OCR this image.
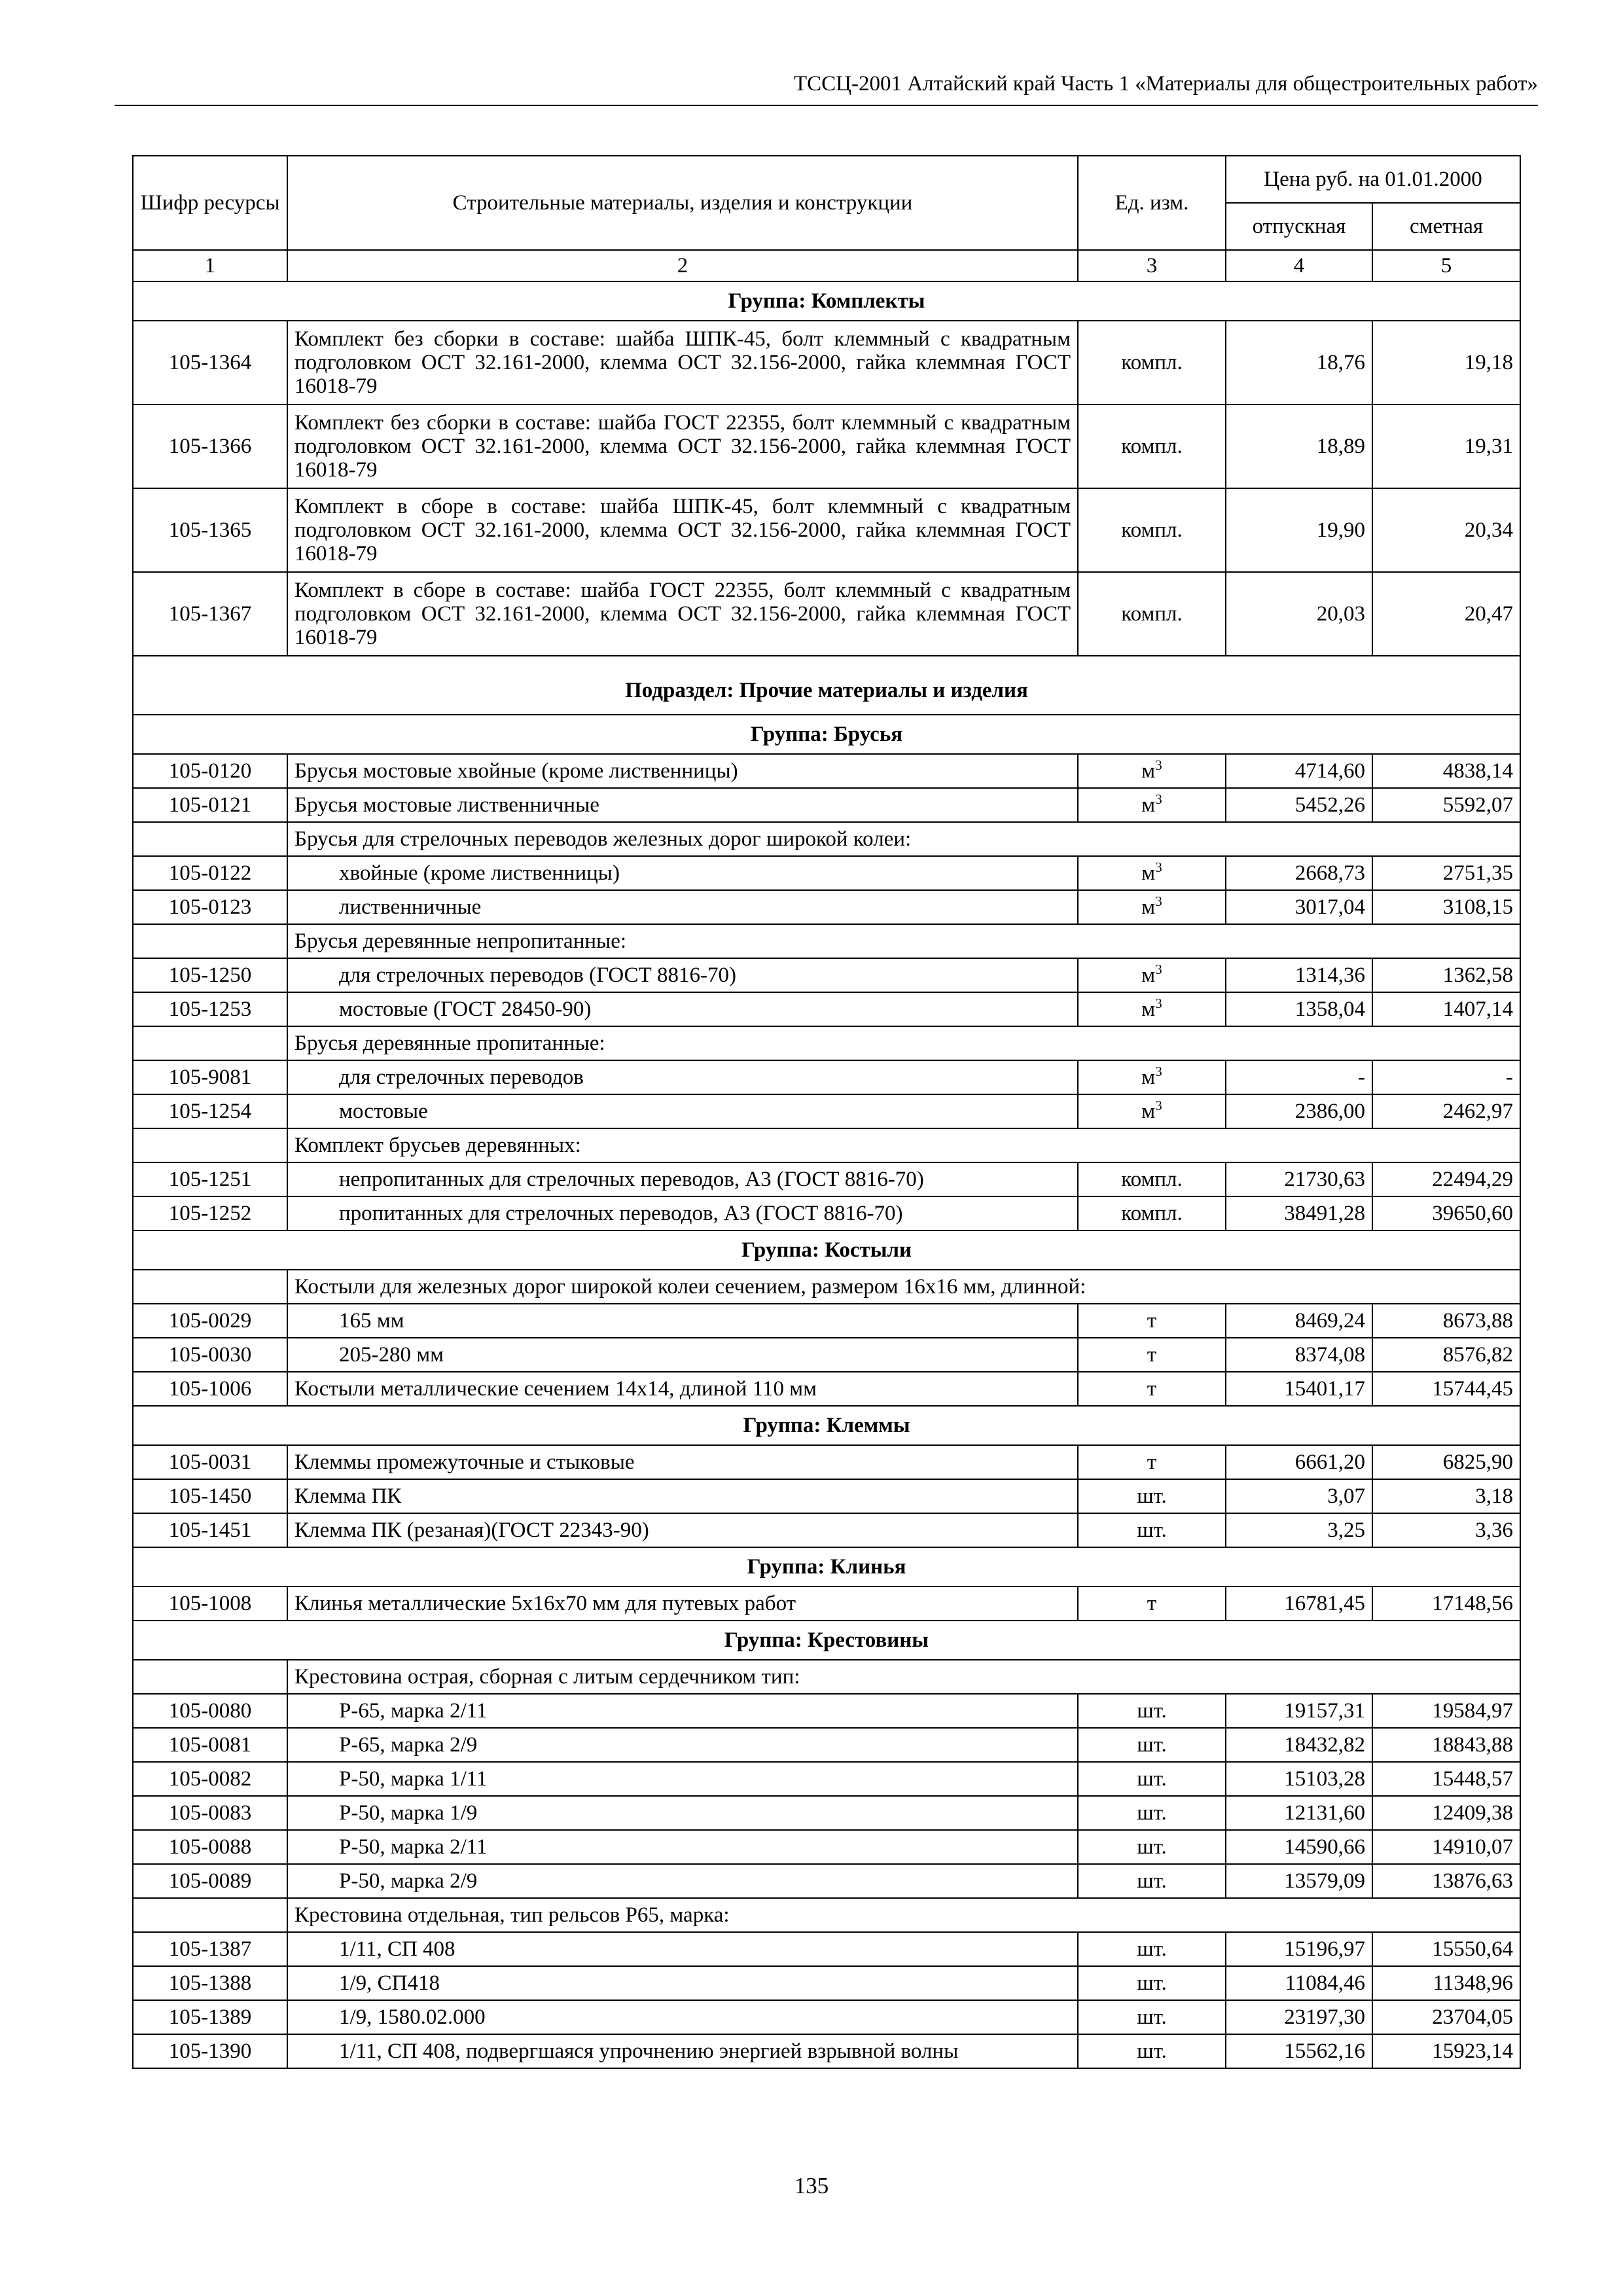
ТССЦ-2001 Алтайский край Часть 1 «Материалы для общестроительных работ»
Шифр ресурсы	Строительные материалы, изделия и конструкции	Ед. изм.	Цена руб. на 01.01.2000	
			отпускная	сметная
1	2	3	4	5
Группа: Комплекты				
105-1364	Комплект без сборки в составе: шайба ШПК-45, болт клеммный с квадратным подголовком ОСТ 32.161-2000, клемма ОСТ 32.156-2000, гайка клеммная ГОСТ 16018-79	компл.	18,76	19,18
105-1366	Комплект без сборки в составе: шайба ГОСТ 22355, болт клеммный с квадратным подголовком ОСТ 32.161-2000, клемма ОСТ 32.156-2000, гайка клеммная ГОСТ 16018-79	компл.	18,89	19,31
105-1365	Комплект в сборе в составе: шайба ШПК-45, болт клеммный с квадратным подголовком ОСТ 32.161-2000, клемма ОСТ 32.156-2000, гайка клеммная ГОСТ 16018-79	компл.	19,90	20,34
105-1367	Комплект в сборе в составе: шайба ГОСТ 22355, болт клеммный с квадратным подголовком ОСТ 32.161-2000, клемма ОСТ 32.156-2000, гайка клеммная ГОСТ 16018-79	компл.	20,03	20,47
Подраздел: Прочие материалы и изделия				
Группа: Брусья				
105-0120	Брусья мостовые хвойные (кроме лиственницы)	$м^3$	4714,60	4838,14
105-0121	Брусья мостовые лиственничные	$м^3$	5452,26	5592,07
	Брусья для стрелочных переводов железных дорог широкой колеи:			
105-0122	хвойные (кроме лиственницы)	$м^3$	2668,73	2751,35
105-0123	лиственничные	$м^3$	3017,04	3108,15
	Брусья деревянные непропитанные:			
105-1250	для стрелочных переводов (ГОСТ 8816-70)	$м^3$	1314,36	1362,58
105-1253	мостовые (ГОСТ 28450-90)	$м^3$	1358,04	1407,14
	Брусья деревянные пропитанные:			
105-9081	для стрелочных переводов	$м^3$	-	-
105-1254	мостовые	$м^3$	2386,00	2462,97
	Комплект брусьев деревянных:			
105-1251	непропитанных для стрелочных переводов, А3 (ГОСТ 8816-70)	компл.	21730,63	22494,29
105-1252	пропитанных для стрелочных переводов, А3 (ГОСТ 8816-70)	компл.	38491,28	39650,60
Группа: Костыли				
	Костыли для железных дорог широкой колеи сечением, размером 16х16 мм, длинной:			
105-0029	165 мм	т	8469,24	8673,88
105-0030	205-280 мм	т	8374,08	8576,82
105-1006	Костыли металлические сечением 14х14, длиной 110 мм	т	15401,17	15744,45
Группа: Клеммы				
105-0031	Клеммы промежуточные и стыковые	т	6661,20	6825,90
105-1450	Клемма ПК	шт.	3,07	3,18
105-1451	Клемма ПК (резаная)(ГОСТ 22343-90)	шт.	3,25	3,36
Группа: Клинья				
105-1008	Клинья металлические 5х16х70 мм для путевых работ	т	16781,45	17148,56
Группа: Крестовины				
	Крестовина острая, сборная с литым сердечником тип:			
105-0080	Р-65, марка 2/11	шт.	19157,31	19584,97
105-0081	Р-65, марка 2/9	шт.	18432,82	18843,88
105-0082	Р-50, марка 1/11	шт.	15103,28	15448,57
105-0083	Р-50, марка 1/9	шт.	12131,60	12409,38
105-0088	Р-50, марка 2/11	шт.	14590,66	14910,07
105-0089	Р-50, марка 2/9	шт.	13579,09	13876,63
	Крестовина отдельная, тип рельсов Р65, марка:			
105-1387	1/11, СП 408	шт.	15196,97	15550,64
105-1388	1/9, СП418	шт.	11084,46	11348,96
105-1389	1/9, 1580.02.000	шт.	23197,30	23704,05
105-1390	1/11, СП 408, подвергшаяся упрочнению энергией взрывной волны	шт.	15562,16	15923,14
135
